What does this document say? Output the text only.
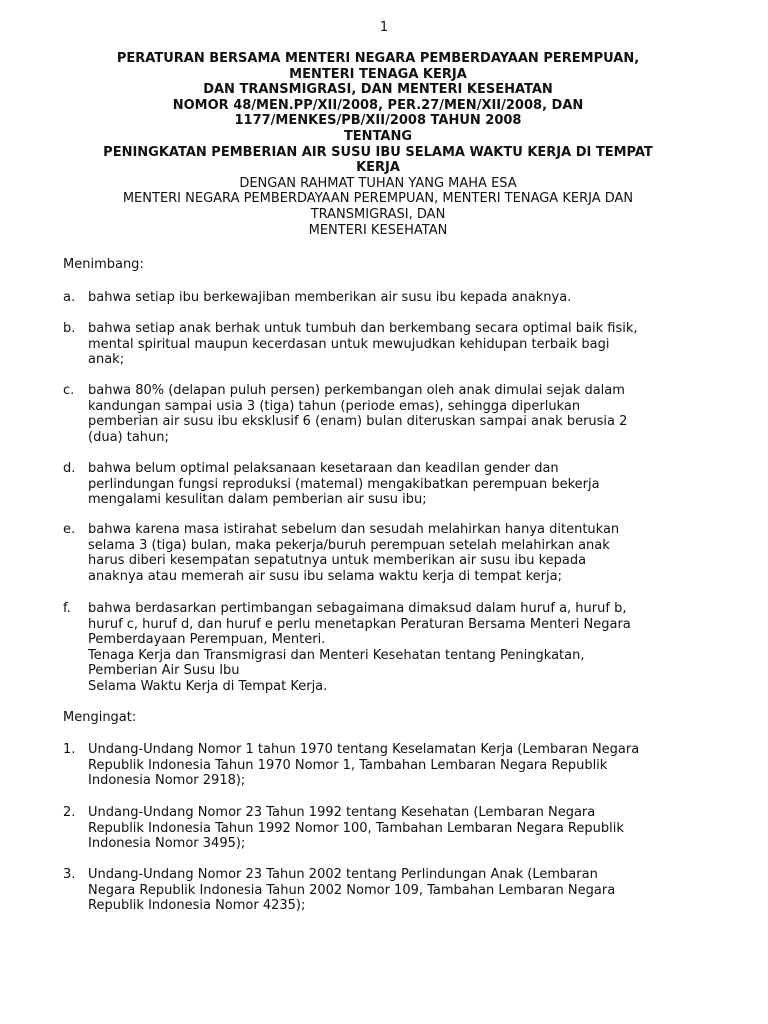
1
PERATURAN BERSAMA MENTERI NEGARA PEMBERDAYAAN PEREMPUAN,
MENTERI TENAGA KERJA
DAN TRANSMIGRASI, DAN MENTERI KESEHATAN
NOMOR 48/MEN.PP/XII/2008, PER.27/MEN/XII/2008, DAN
1177/MENKES/PB/XII/2008 TAHUN 2008
TENTANG
PENINGKATAN PEMBERIAN AIR SUSU IBU SELAMA WAKTU KERJA DI TEMPAT
KERJA
DENGAN RAHMAT TUHAN YANG MAHA ESA
MENTERI NEGARA PEMBERDAYAAN PEREMPUAN, MENTERI TENAGA KERJA DAN
TRANSMIGRASI, DAN
MENTERI KESEHATAN
Menimbang:
a. bahwa setiap ibu berkewajiban memberikan air susu ibu kepada anaknya.
b. bahwa setiap anak berhak untuk tumbuh dan berkembang secara optimal baik fisik,
mental spiritual maupun kecerdasan untuk mewujudkan kehidupan terbaik bagi
anak;
c. bahwa 80% (delapan puluh persen) perkembangan oleh anak dimulai sejak dalam
kandungan sampai usia 3 (tiga) tahun (periode emas), sehingga diperlukan
pemberian air susu ibu eksklusif 6 (enam) bulan diteruskan sampai anak berusia 2
(dua) tahun;
d. bahwa belum optimal pelaksanaan kesetaraan dan keadilan gender dan
perlindungan fungsi reproduksi (matemal) mengakibatkan perempuan bekerja
mengalami kesulitan dalam pemberian air susu ibu;
e. bahwa karena masa istirahat sebelum dan sesudah melahirkan hanya ditentukan
selama 3 (tiga) bulan, maka pekerja/buruh perempuan setelah melahirkan anak
harus diberi kesempatan sepatutnya untuk memberikan air susu ibu kepada
anaknya atau memerah air susu ibu selama waktu kerja di tempat kerja;
f. bahwa berdasarkan pertimbangan sebagaimana dimaksud dalam huruf a, huruf b,
huruf c, huruf d, dan huruf e perlu menetapkan Peraturan Bersama Menteri Negara
Pemberdayaan Perempuan, Menteri.
Tenaga Kerja dan Transmigrasi dan Menteri Kesehatan tentang Peningkatan,
Pemberian Air Susu Ibu
Selama Waktu Kerja di Tempat Kerja.
Mengingat:
1. Undang-Undang Nomor 1 tahun 1970 tentang Keselamatan Kerja (Lembaran Negara
Republik Indonesia Tahun 1970 Nomor 1, Tambahan Lembaran Negara Republik
Indonesia Nomor 2918);
2. Undang-Undang Nomor 23 Tahun 1992 tentang Kesehatan (Lembaran Negara
Republik Indonesia Tahun 1992 Nomor 100, Tambahan Lembaran Negara Republik
Indonesia Nomor 3495);
3. Undang-Undang Nomor 23 Tahun 2002 tentang Perlindungan Anak (Lembaran
Negara Republik Indonesia Tahun 2002 Nomor 109, Tambahan Lembaran Negara
Republik Indonesia Nomor 4235);
